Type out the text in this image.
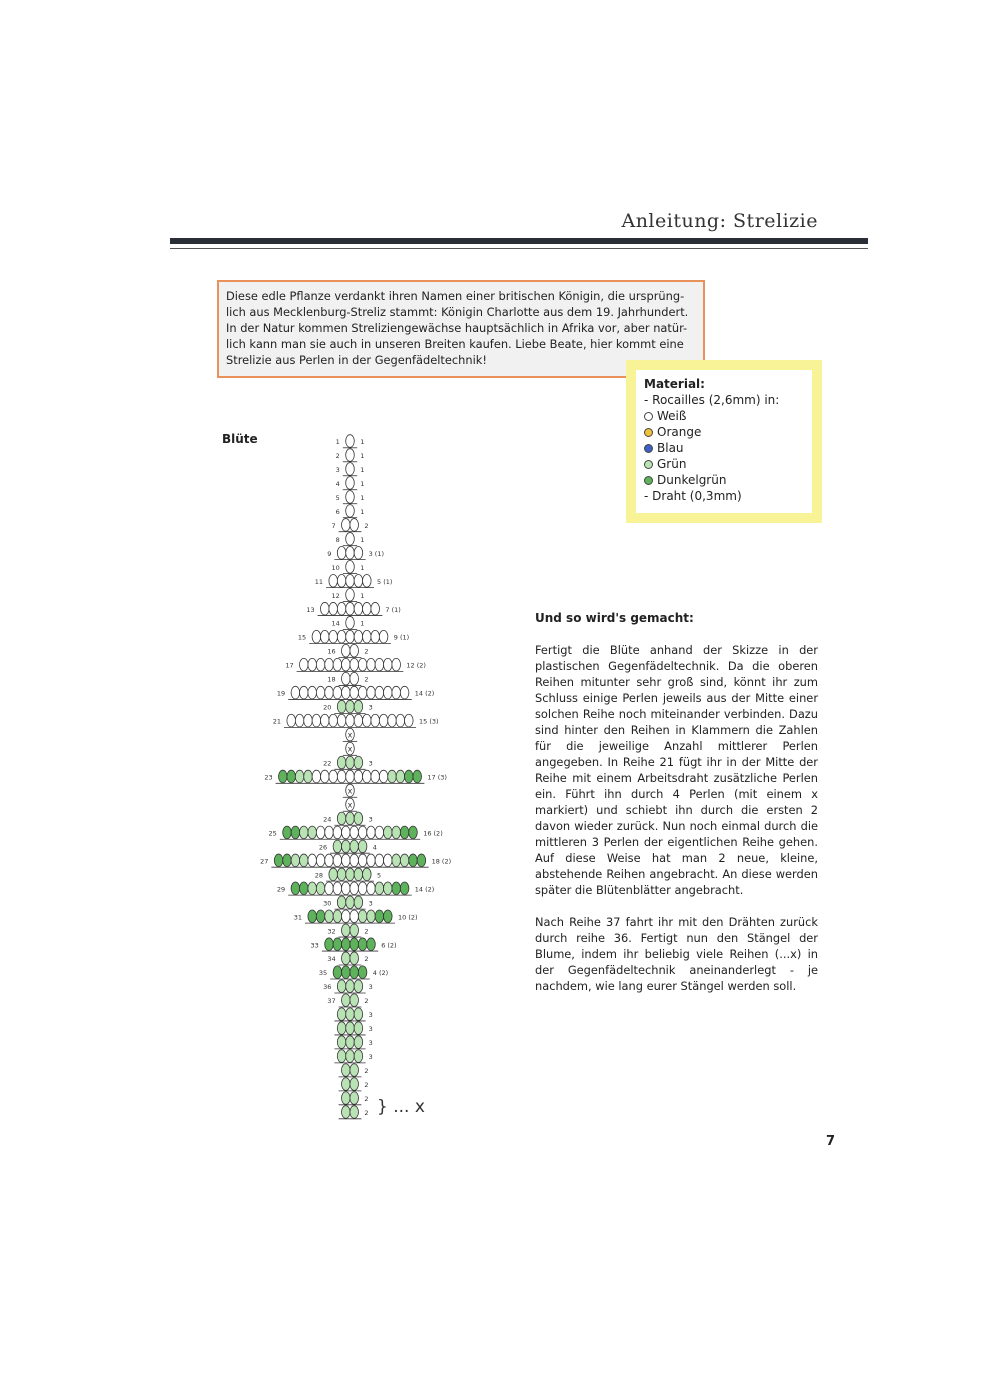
Anleitung: Strelizie
Diese edle Pflanze verdankt ihren Namen einer britischen Königin, die ursprüng-
lich aus Mecklenburg-Streliz stammt: Königin Charlotte aus dem 19. Jahrhundert.
In der Natur kommen Streliziengewächse hauptsächlich in Afrika vor, aber natür-
lich kann man sie auch in unseren Breiten kaufen. Liebe Beate, hier kommt eine
Strelizie aus Perlen in der Gegenfädeltechnik!
Material:
- Rocailles (2,6mm) in:
Weiß
Orange
Blau
Grün
Dunkelgrün
- Draht (0,3mm)
Blüte	1	1
2	1
3	1
4	1
5	1
6	1
7	2
8	1
9	3 (1)
10	1
11	5 (1)
12	1
13	7 (1)
14	1
15	9 (1)
16	2
17	12 (2)
18	2
19	14 (2)
20	3
21	15 (3)
x
x
22	3
23	17 (3)
x
x
24	3
25	16 (2)
26	4
27	18 (2)
28	5
29	14 (2)
30	3
31	10 (2)
32	2
33	6 (2)
34	2
35	4 (2)
36	3
37	2
3
3
3
3
2
2
2
2 } ... x
Und so wird's gemacht:

Fertigt die Blüte anhand der Skizze in der plastischen Gegenfädeltechnik. Da die oberen Reihen mitunter sehr groß sind, könnt ihr zum Schluss einige Perlen jeweils aus der Mitte einer solchen Reihe noch miteinander verbinden. Dazu sind hinter den Reihen in Klammern die Zahlen für die jeweilige Anzahl mittlerer Perlen angegeben. In Reihe 21 fügt ihr in der Mitte der Reihe mit einem Arbeitsdraht zusätzliche Perlen ein. Führt ihn durch 4 Perlen (mit einem x markiert) und schiebt ihn durch die ersten 2 davon wieder zurück. Nun noch einmal durch die mittleren 3 Perlen der eigentlichen Reihe gehen. Auf diese Weise hat man 2 neue, kleine, abstehende Reihen angebracht. An diese werden später die Blütenblätter angebracht.

Nach Reihe 37 fahrt ihr mit den Drähten zurück durch reihe 36. Fertigt nun den Stängel der Blume, indem ihr beliebig viele Reihen (...x) in der Gegenfädeltechnik aneinanderlegt - je nachdem, wie lang eurer Stängel werden soll.

7
